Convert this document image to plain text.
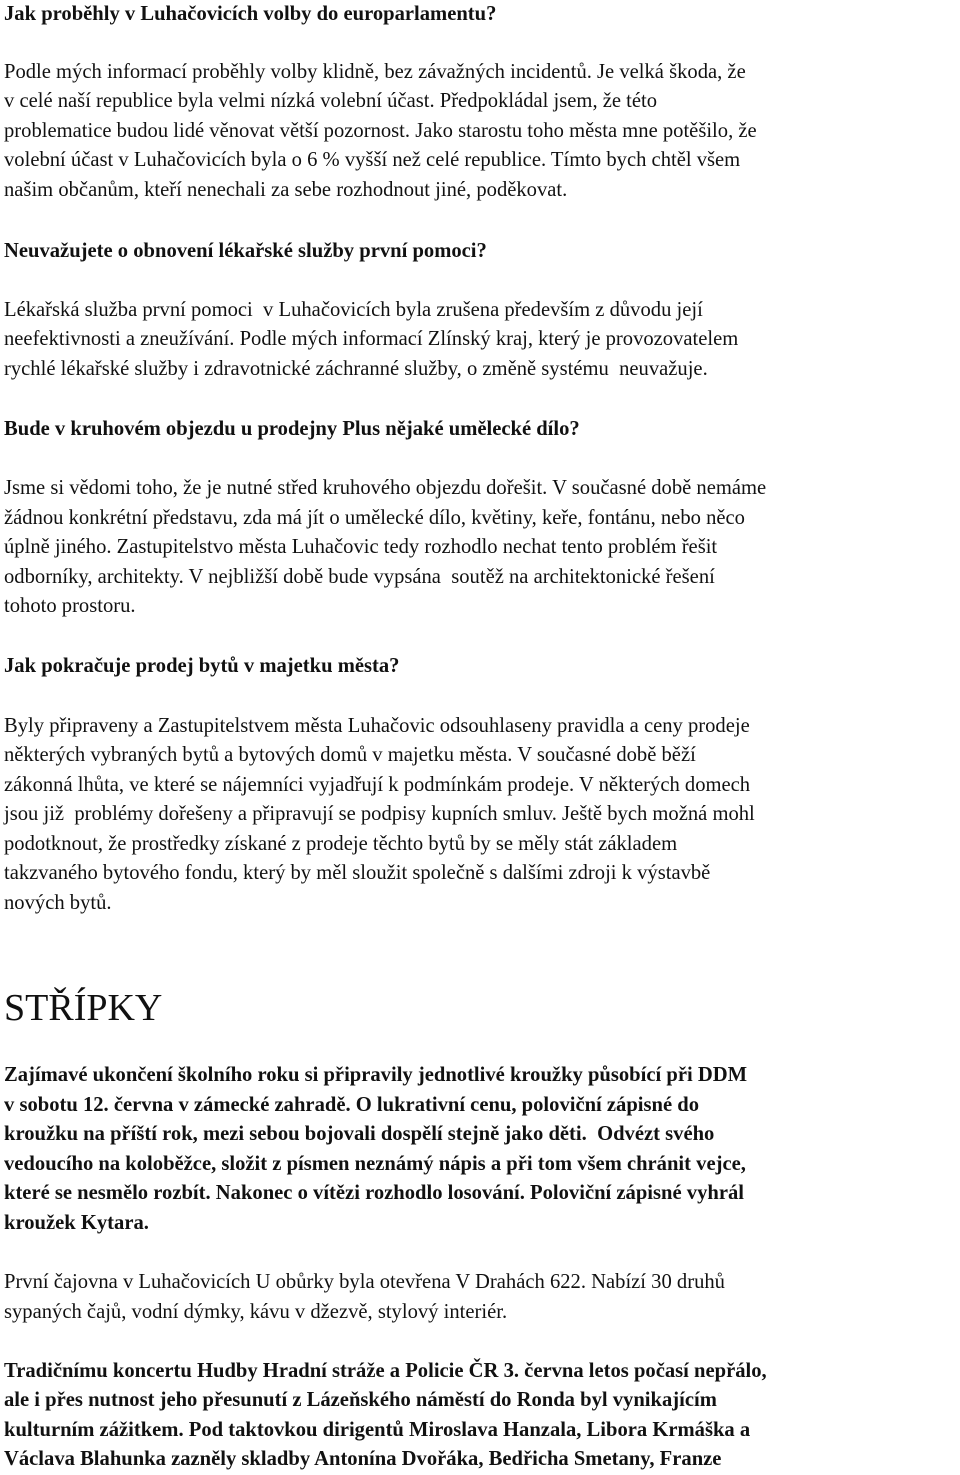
Jak proběhly v Luhačovicích volby do europarlamentu?

Podle mých informací proběhly volby klidně, bez závažných incidentů. Je velká škoda, že

v celé naší republice byla velmi nízká volební účast. Předpokládal jsem, že této

problematice budou lidé věnovat větší pozornost. Jako starostu toho města mne potěšilo, že

volební účast v Luhačovicích byla o 6 % vyšší než celé republice. Tímto bych chtěl všem

našim občanům, kteří nenechali za sebe rozhodnout jiné, poděkovat.

Neuvažujete o obnovení lékařské služby první pomoci?

Lékařská služba první pomoci  v Luhačovicích byla zrušena především z důvodu její

neefektivnosti a zneužívání. Podle mých informací Zlínský kraj, který je provozovatelem

rychlé lékařské služby i zdravotnické záchranné služby, o změně systému  neuvažuje.

Bude v kruhovém objezdu u prodejny Plus nějaké umělecké dílo?

Jsme si vědomi toho, že je nutné střed kruhového objezdu dořešit. V současné době nemáme

žádnou konkrétní představu, zda má jít o umělecké dílo, květiny, keře, fontánu, nebo něco

úplně jiného. Zastupitelstvo města Luhačovic tedy rozhodlo nechat tento problém řešit

odborníky, architekty. V nejbližší době bude vypsána  soutěž na architektonické řešení

tohoto prostoru.

Jak pokračuje prodej bytů v majetku města?

Byly připraveny a Zastupitelstvem města Luhačovic odsouhlaseny pravidla a ceny prodeje

některých vybraných bytů a bytových domů v majetku města. V současné době běží

zákonná lhůta, ve které se nájemníci vyjadřují k podmínkám prodeje. V některých domech

jsou již  problémy dořešeny a připravují se podpisy kupních smluv. Ještě bych možná mohl

podotknout, že prostředky získané z prodeje těchto bytů by se měly stát základem

takzvaného bytového fondu, který by měl sloužit společně s dalšími zdroji k výstavbě

nových bytů.

STŘÍPKY

Zajímavé ukončení školního roku si připravily jednotlivé kroužky působící při DDM

v sobotu 12. června v zámecké zahradě. O lukrativní cenu, poloviční zápisné do

kroužku na příští rok, mezi sebou bojovali dospělí stejně jako děti.  Odvézt svého

vedoucího na koloběžce, složit z písmen neznámý nápis a při tom všem chránit vejce,

které se nesmělo rozbít. Nakonec o vítězi rozhodlo losování. Poloviční zápisné vyhrál

kroužek Kytara.

První čajovna v Luhačovicích U obůrky byla otevřena V Drahách 622. Nabízí 30 druhů

sypaných čajů, vodní dýmky, kávu v džezvě, stylový interiér.

Tradičnímu koncertu Hudby Hradní stráže a Policie ČR 3. června letos počasí nepřálo,

ale i přes nutnost jeho přesunutí z Lázeňského náměstí do Ronda byl vynikajícím

kulturním zážitkem. Pod taktovkou dirigentů Miroslava Hanzala, Libora Krmáška a

Václava Blahunka zazněly skladby Antonína Dvořáka, Bedřicha Smetany, Franze
